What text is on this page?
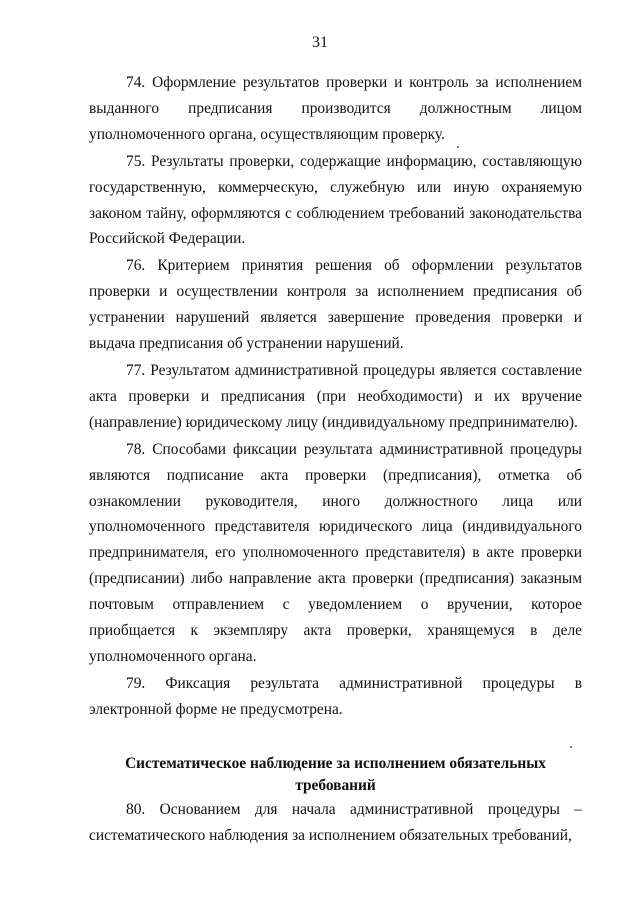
31

74. Оформление результатов проверки и контроль за исполнением выданного предписания производится должностным лицом уполномоченного органа, осуществляющим проверку.

75. Результаты проверки, содержащие информацию, составляющую государственную, коммерческую, служебную или иную охраняемую законом тайну, оформляются с соблюдением требований законодательства Российской Федерации.

76. Критерием принятия решения об оформлении результатов проверки и осуществлении контроля за исполнением предписания об устранении нарушений является завершение проведения проверки и выдача предписания об устранении нарушений.

77. Результатом административной процедуры является составление акта проверки и предписания (при необходимости) и их вручение (направление) юридическому лицу (индивидуальному предпринимателю).

78. Способами фиксации результата административной процедуры являются подписание акта проверки (предписания), отметка об ознакомлении руководителя, иного должностного лица или уполномоченного представителя юридического лица (индивидуального предпринимателя, его уполномоченного представителя) в акте проверки (предписании) либо направление акта проверки (предписания) заказным почтовым отправлением с уведомлением о вручении, которое приобщается к экземпляру акта проверки, хранящемуся в деле уполномоченного органа.

79. Фиксация результата административной процедуры в электронной форме не предусмотрена.

Систематическое наблюдение за исполнением обязательных требований

80. Основанием для начала административной процедуры – систематического наблюдения за исполнением обязательных требований,
